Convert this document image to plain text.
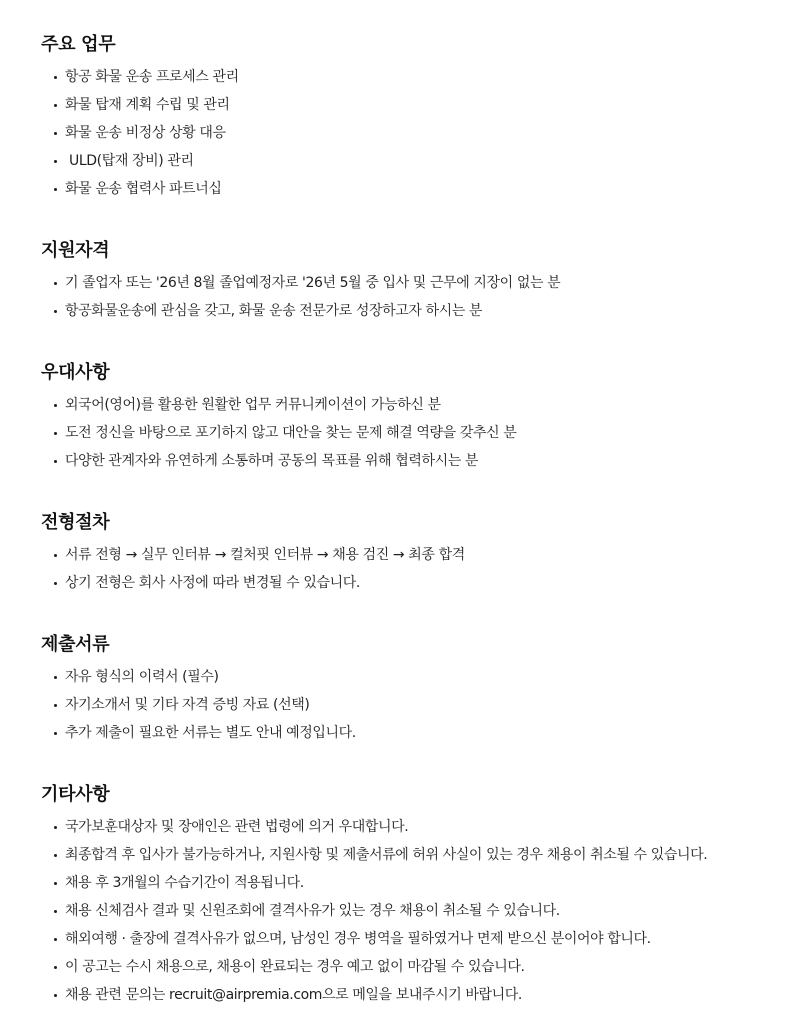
주요 업무
항공 화물 운송 프로세스 관리
화물 탑재 계획 수립 및 관리
화물 운송 비정상 상황 대응
ULD(탑재 장비) 관리
화물 운송 협력사 파트너십
지원자격
기 졸업자 또는 '26년 8월 졸업예정자로 '26년 5월 중 입사 및 근무에 지장이 없는 분
항공화물운송에 관심을 갖고, 화물 운송 전문가로 성장하고자 하시는 분
우대사항
외국어(영어)를 활용한 원활한 업무 커뮤니케이션이 가능하신 분
도전 정신을 바탕으로 포기하지 않고 대안을 찾는 문제 해결 역량을 갖추신 분
다양한 관계자와 유연하게 소통하며 공동의 목표를 위해 협력하시는 분
전형절차
서류 전형 → 실무 인터뷰 → 컬처핏 인터뷰 → 채용 검진 → 최종 합격
상기 전형은 회사 사정에 따라 변경될 수 있습니다.
제출서류
자유 형식의 이력서 (필수)
자기소개서 및 기타 자격 증빙 자료 (선택)
추가 제출이 필요한 서류는 별도 안내 예정입니다.
기타사항
국가보훈대상자 및 장애인은 관련 법령에 의거 우대합니다.
최종합격 후 입사가 불가능하거나, 지원사항 및 제출서류에 허위 사실이 있는 경우 채용이 취소될 수 있습니다.
채용 후 3개월의 수습기간이 적용됩니다.
채용 신체검사 결과 및 신원조회에 결격사유가 있는 경우 채용이 취소될 수 있습니다.
해외여행 · 출장에 결격사유가 없으며, 남성인 경우 병역을 필하였거나 면제 받으신 분이어야 합니다.
이 공고는 수시 채용으로, 채용이 완료되는 경우 예고 없이 마감될 수 있습니다.
채용 관련 문의는 recruit@airpremia.com으로 메일을 보내주시기 바랍니다.
